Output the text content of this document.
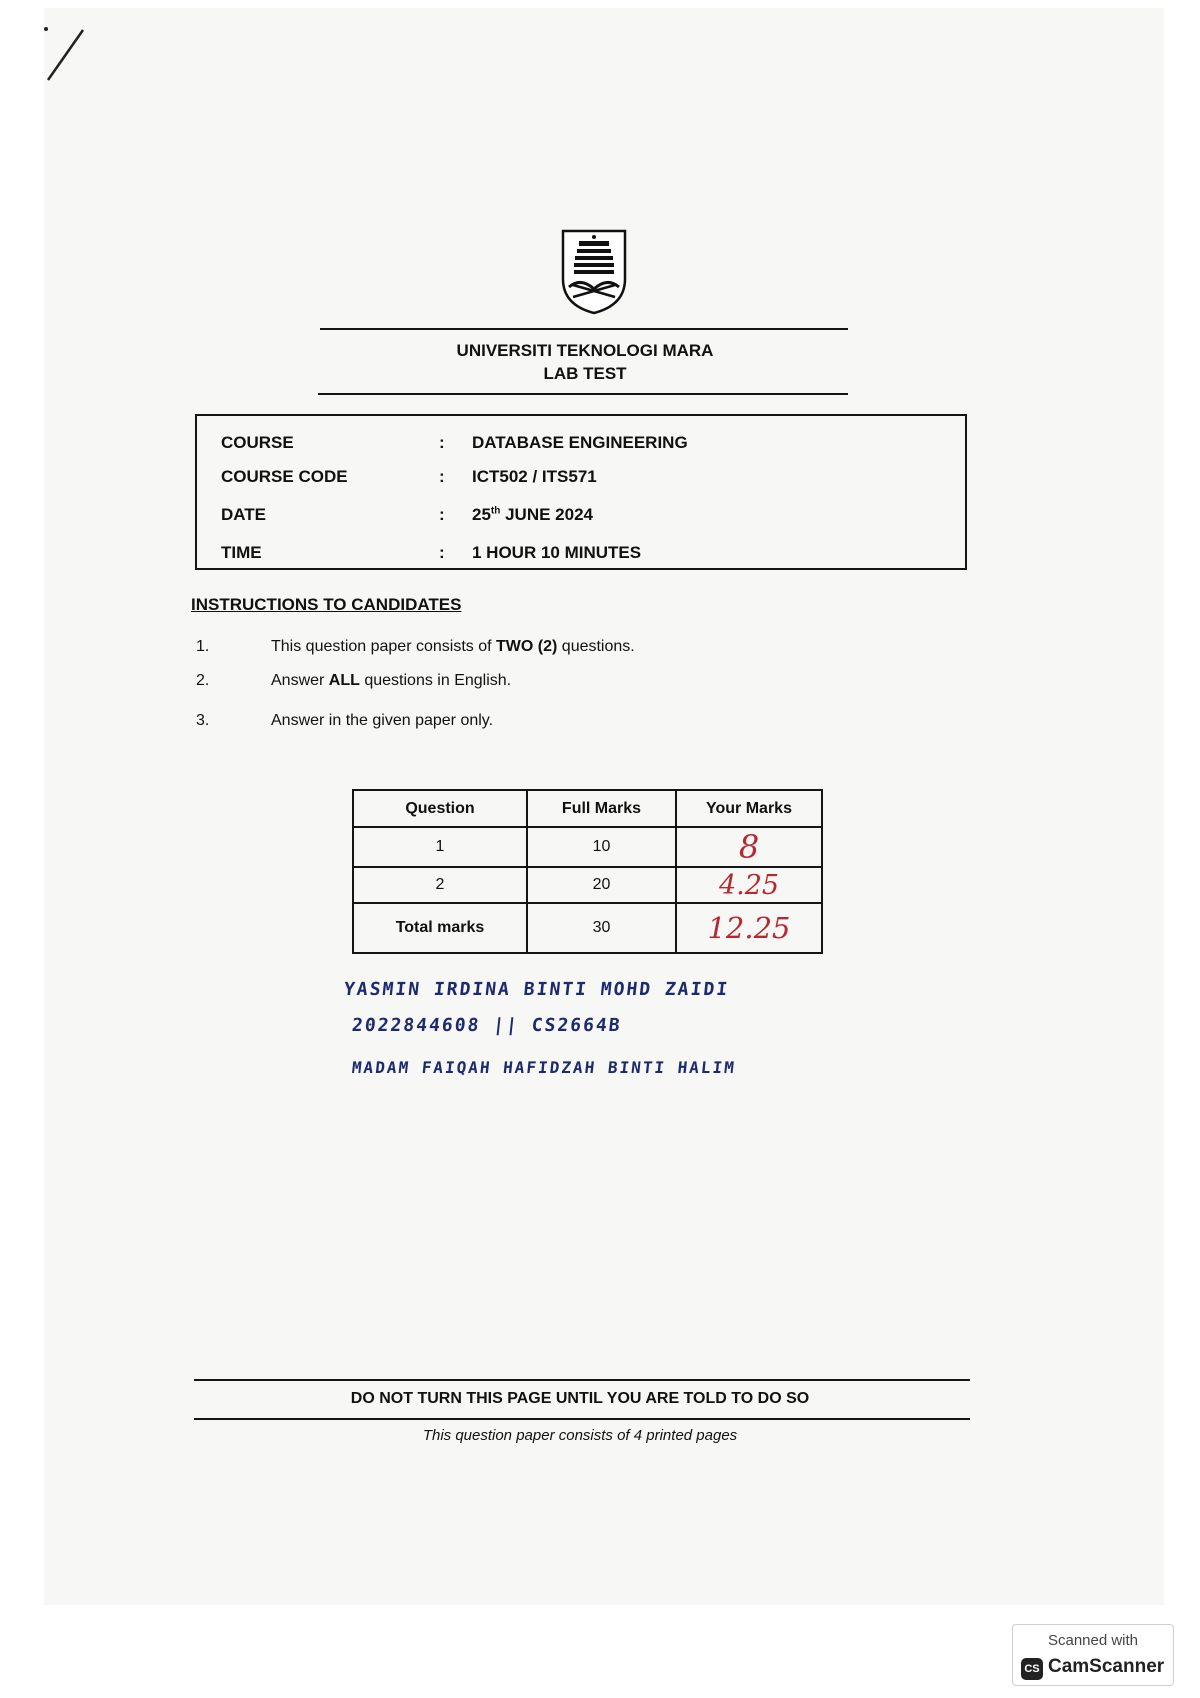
UNIVERSITI TEKNOLOGI MARA
LAB TEST
COURSE	: DATABASE ENGINEERING
COURSE CODE	: ICT502 / ITS571
DATE	: 25th JUNE 2024
TIME	: 1 HOUR 10 MINUTES
INSTRUCTIONS TO CANDIDATES
1.	This question paper consists of TWO (2) questions.
2.	Answer ALL questions in English.
3.	Answer in the given paper only.
Question	Full Marks	Your Marks
1	10	8
2	20	4.25
Total marks	30	12.25
YASMIN IRDINA BINTI MOHD ZAIDI
2022844608 || CS2664B
MADAM FAIQAH HAFIDZAH BINTI HALIM
DO NOT TURN THIS PAGE UNTIL YOU ARE TOLD TO DO SO
This question paper consists of 4 printed pages
Scanned with
CS CamScanner
